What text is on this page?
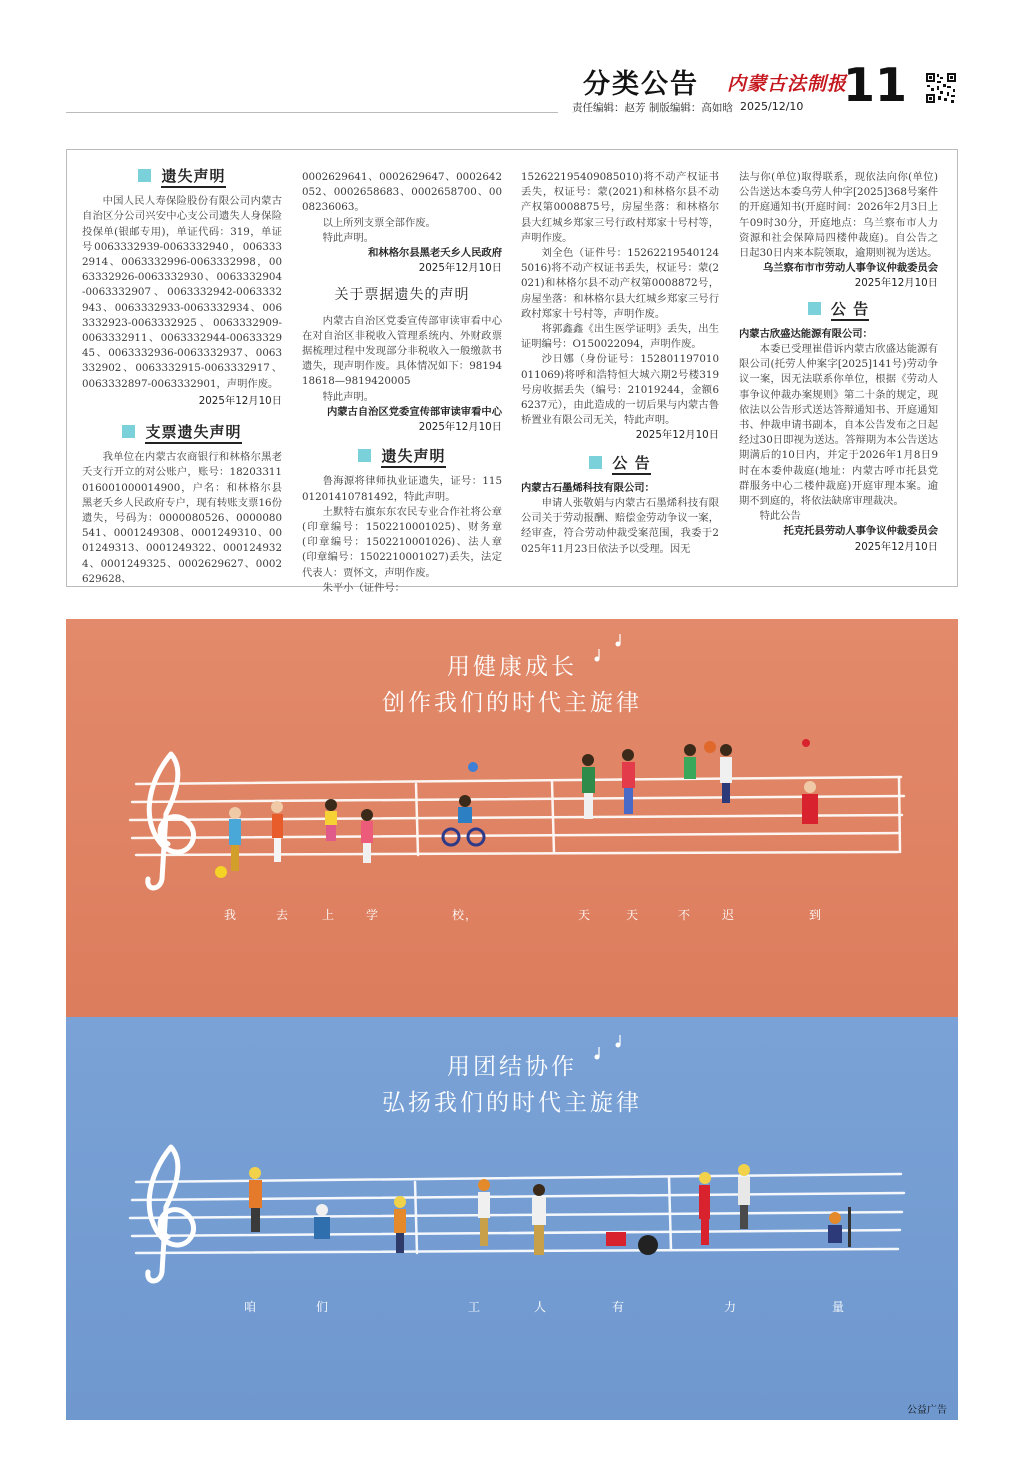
分类公告
责任编辑：赵芳 制版编辑：高如晗
内蒙古法制报
2025/12/10 11
遗失声明

中国人民人寿保险股份有限公司内蒙古自治区分公司兴安中心支公司遗失人身保险投保单(银邮专用)，单证代码：319，单证号0063332939-0063332940，0063332914、0063332996-0063332998，0063332926-0063332930、0063332904-0063332907、0063332942-0063332943、0063332933-0063332934、0063332923-0063332925、0063332909-0063332911、0063332944-0063332945、0063332936-0063332937、0063332902、0063332915-0063332917、0063332897-0063332901，声明作废。

2025年12月10日

支票遗失声明

我单位在内蒙古农商银行和林格尔黑老夭支行开立的对公账户，账号：18203311016001000014900，户名：和林格尔县黑老夭乡人民政府专户，现有转账支票16份遗失，号码为：0000080526、0000080541、0001249308、0001249310、0001249313、0001249322、0001249324、0001249325、0002629627、0002629628、

0002629641、0002629647、0002642052、0002658683、0002658700、0008236063。

以上所列支票全部作废。

特此声明。

和林格尔县黑老夭乡人民政府

2025年12月10日

关于票据遗失的声明

内蒙古自治区党委宣传部审读审看中心在对自治区非税收入管理系统内、外财政票据梳理过程中发现部分非税收入一般缴款书遗失，现声明作废。具体情况如下：9819418618—9819420005

特此声明。

内蒙古自治区党委宣传部审读审看中心

2025年12月10日

遗失声明

鲁海源将律师执业证遗失，证号：11501201410781492，特此声明。

土默特右旗东东农民专业合作社将公章(印章编号：1502210001025)、财务章(印章编号：1502210001026)、法人章(印章编号：1502210001027)丢失，法定代表人：贾怀文，声明作废。

朱平小（证件号：

152622195409085010)将不动产权证书丢失，权证号：蒙(2021)和林格尔县不动产权第0008875号，房屋坐落：和林格尔县大红城乡郑家三号行政村郑家十号村等，声明作废。

刘全色（证件号：152622195401245016)将不动产权证书丢失，权证号：蒙(2021)和林格尔县不动产权第0008872号，房屋坐落：和林格尔县大红城乡郑家三号行政村郑家十号村等，声明作废。

将郭鑫鑫《出生医学证明》丢失，出生证明编号：O150022094，声明作废。

沙日娜（身份证号：152801197010011069)将呼和浩特恒大城六期2号楼319号房收据丢失（编号：21019244，金额66237元），由此造成的一切后果与内蒙古鲁桥置业有限公司无关，特此声明。

2025年12月10日

公 告

内蒙古石墨烯科技有限公司：

申请人张敬娟与内蒙古石墨烯科技有限公司关于劳动报酬、赔偿金劳动争议一案，经审查，符合劳动仲裁受案范围，我委于2025年11月23日依法予以受理。因无

法与你(单位)取得联系，现依法向你(单位)公告送达本委乌劳人仲字[2025]368号案件的开庭通知书(开庭时间：2026年2月3日上午09时30分，开庭地点：乌兰察布市人力资源和社会保障局四楼仲裁庭)。自公告之日起30日内来本院领取，逾期则视为送达。

乌兰察布市市劳动人事争议仲裁委员会

2025年12月10日

公 告

内蒙古欣盛达能源有限公司：

本委已受理崔借诉内蒙古欣盛达能源有限公司(托劳人仲案字[2025]141号)劳动争议一案，因无法联系你单位，根据《劳动人事争议仲裁办案规则》第二十条的规定，现依法以公告形式送达答辩通知书、开庭通知书、仲裁申请书副本，自本公告发布之日起经过30日即视为送达。答辩期为本公告送达期满后的10日内，并定于2026年1月8日9时在本委仲裁庭(地址：内蒙古呼市托县党群服务中心二楼仲裁庭)开庭审理本案。逾期不到庭的，将依法缺席审理裁决。

特此公告

托克托县劳动人事争议仲裁委员会

2025年12月10日

用健康成长
创作我们的时代主旋律
我	去	上	学	校，	天	天	不	迟	到
用团结协作
弘扬我们的时代主旋律
咱	们	工	人	有	力	量
公益广告
